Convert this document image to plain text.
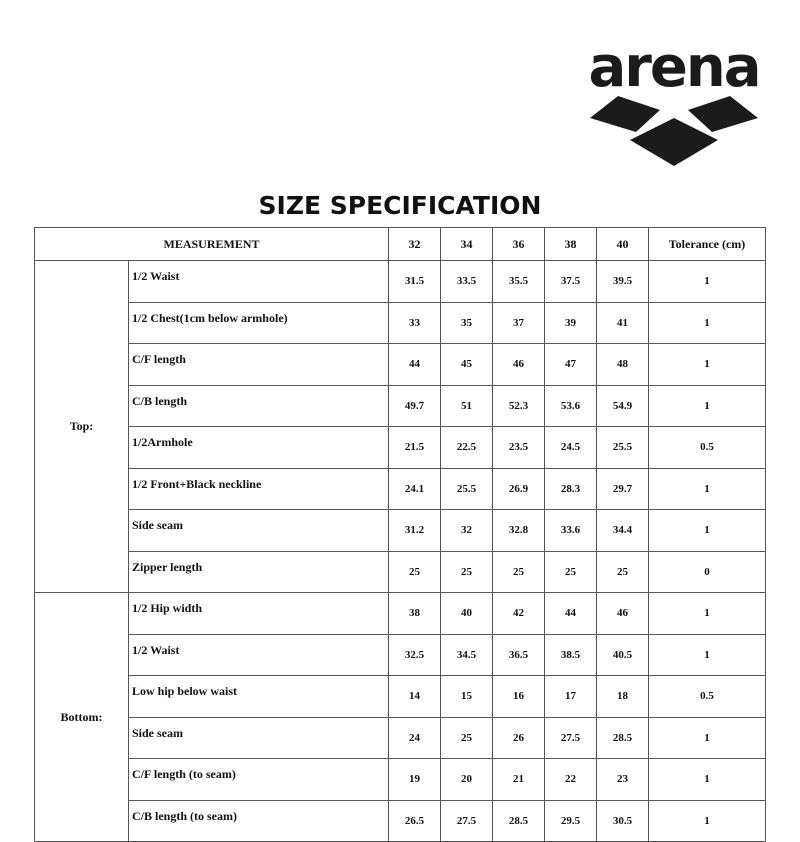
arena
SIZE SPECIFICATION
MEASUREMENT		32	34	36	38	40	Tolerance (cm)
Top:	1/2 Waist	31.5	33.5	35.5	37.5	39.5	1
	1/2 Chest(1cm below armhole)	33	35	37	39	41	1
	C/F length	44	45	46	47	48	1
	C/B length	49.7	51	52.3	53.6	54.9	1
	1/2Armhole	21.5	22.5	23.5	24.5	25.5	0.5
	1/2 Front+Black neckline	24.1	25.5	26.9	28.3	29.7	1
	Side seam	31.2	32	32.8	33.6	34.4	1
	Zipper length	25	25	25	25	25	0
Bottom:	1/2 Hip width	38	40	42	44	46	1
	1/2 Waist	32.5	34.5	36.5	38.5	40.5	1
	Low hip below waist	14	15	16	17	18	0.5
	Side seam	24	25	26	27.5	28.5	1
	C/F length (to seam)	19	20	21	22	23	1
	C/B length (to seam)	26.5	27.5	28.5	29.5	30.5	1
